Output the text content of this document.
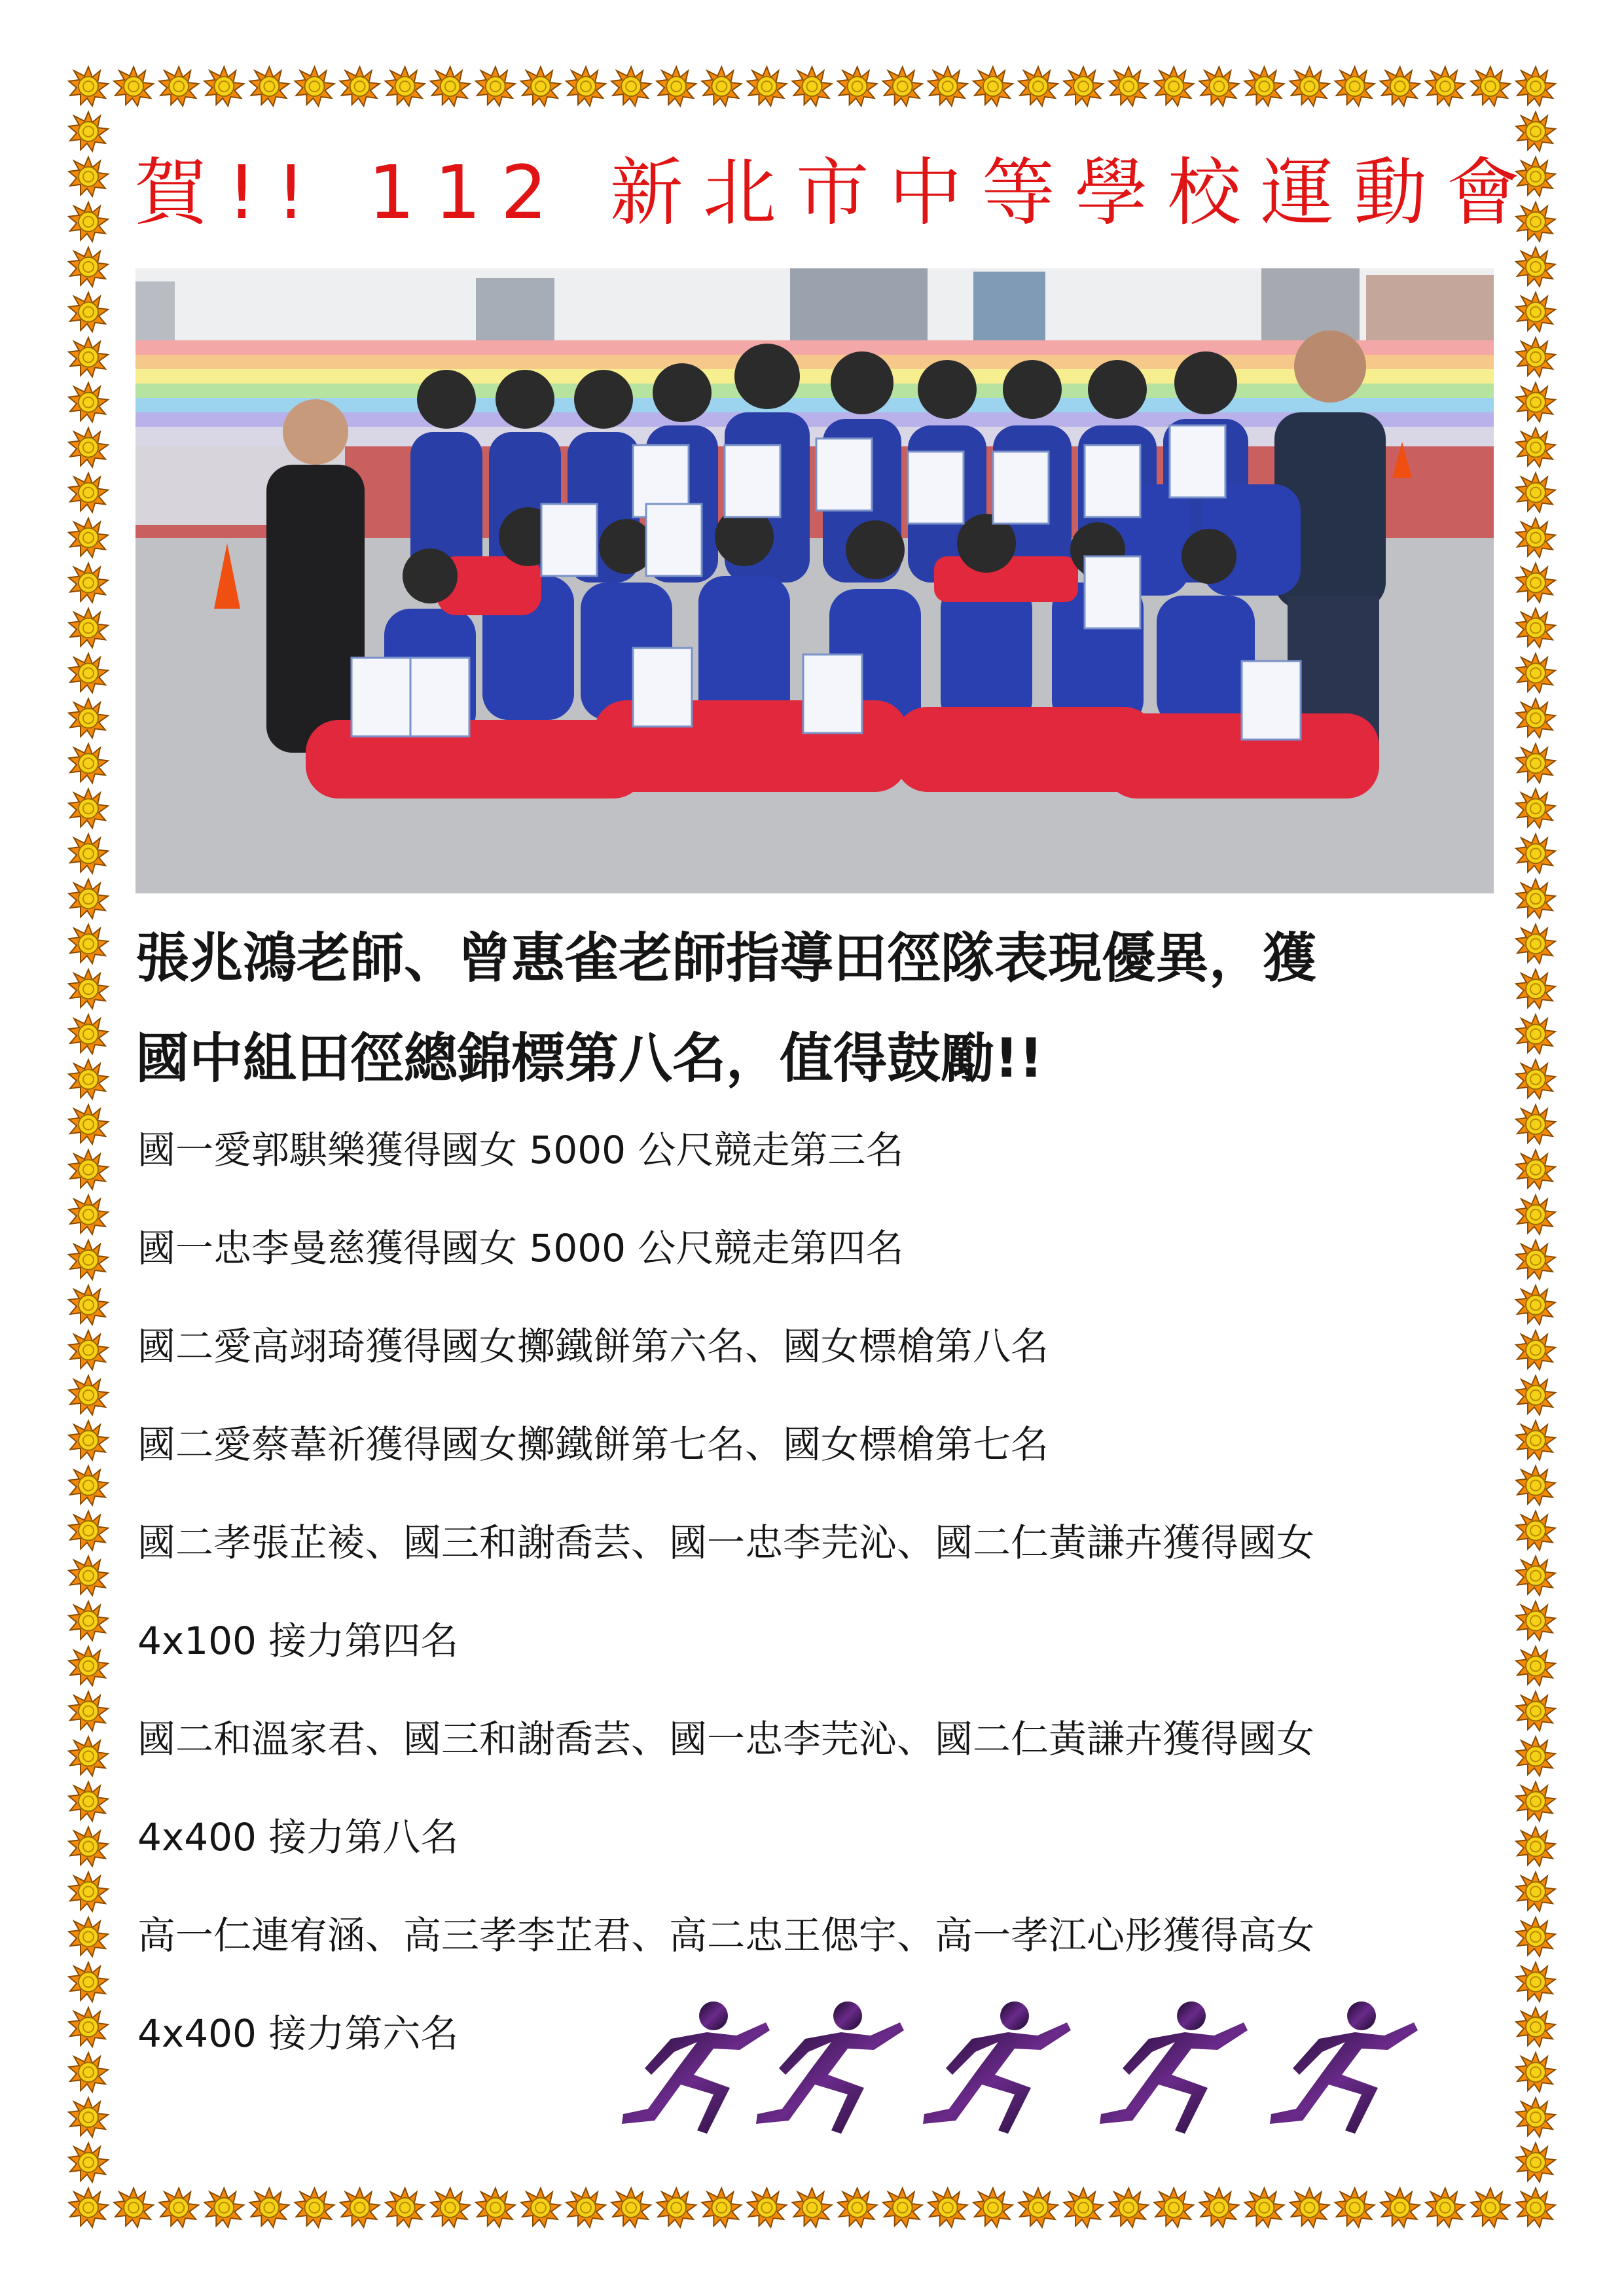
賀!! 112 新北市中等學校運動會
張兆鴻老師、曾惠雀老師指導田徑隊表現優異，獲
國中組田徑總錦標第八名，值得鼓勵!!
國一愛郭騏樂獲得國女 5000 公尺競走第三名
國一忠李曼慈獲得國女 5000 公尺競走第四名
國二愛高翊琦獲得國女擲鐵餅第六名、國女標槍第八名
國二愛蔡葦祈獲得國女擲鐵餅第七名、國女標槍第七名
國二孝張芷裬、國三和謝喬芸、國一忠李芫沁、國二仁黃謙卉獲得國女
4x100 接力第四名
國二和溫家君、國三和謝喬芸、國一忠李芫沁、國二仁黃謙卉獲得國女
4x400 接力第八名
高一仁連宥涵、高三孝李芷君、高二忠王偲宇、高一孝江心彤獲得高女
4x400 接力第六名
